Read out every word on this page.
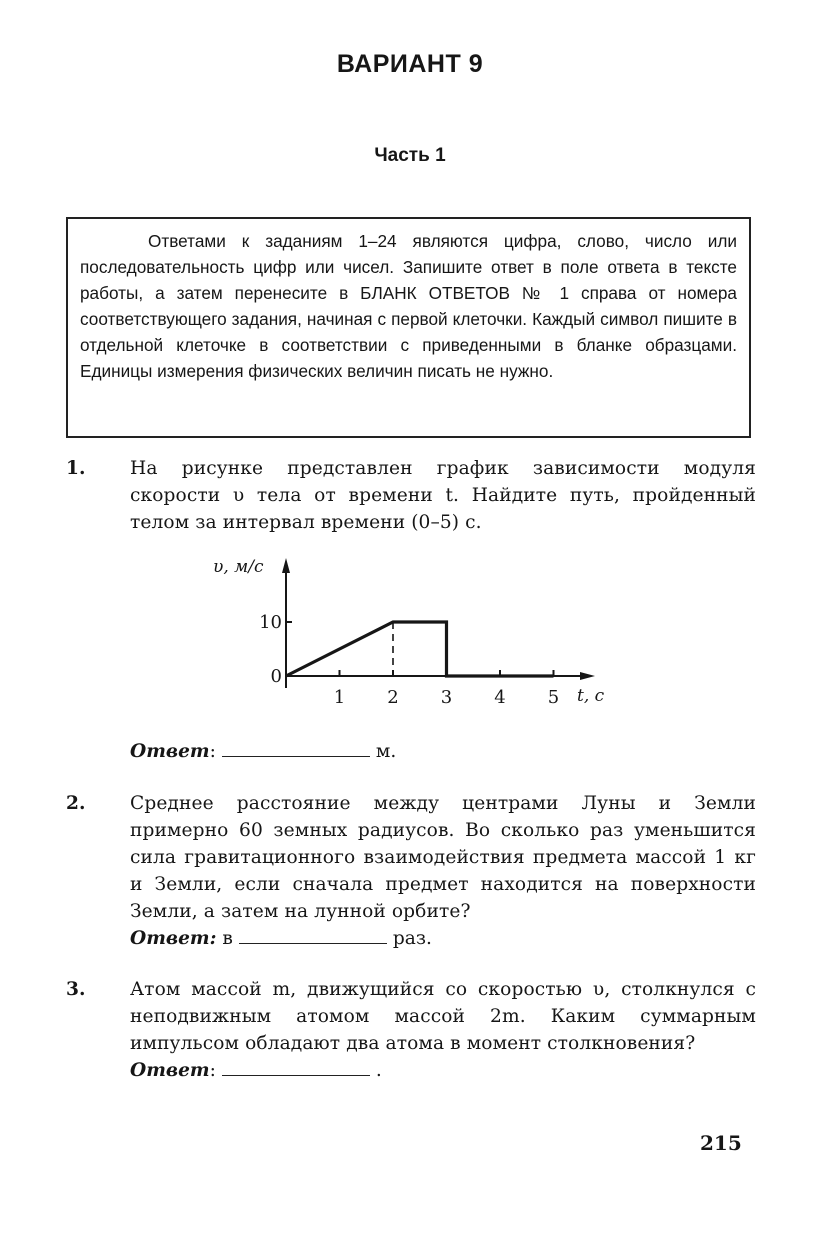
ВАРИАНТ 9
Часть 1
Ответами к заданиям 1–24 являются цифра, слово, число или последовательность цифр или чисел. Запишите ответ в поле ответа в тексте работы, а затем перенесите в БЛАНК ОТВЕТОВ № 1 справа от номера соответствующего задания, начиная с первой клеточки. Каждый символ пишите в отдельной клеточке в соответствии с приведенными в бланке образцами. Единицы измерения физических величин писать не нужно.
1. На рисунке представлен график зависимости модуля скорости υ тела от времени t. Найдите путь, пройденный телом за интервал времени (0–5) с.
υ, м/с
t, с
0
10
1 2 3 4 5
Ответ:	м.
2. Среднее расстояние между центрами Луны и Земли примерно 60 земных радиусов. Во сколько раз уменьшится сила гравитационного взаимодействия предмета массой 1 кг и Земли, если сначала предмет находится на поверхности Земли, а затем на лунной орбите?
Ответ: в	раз.
3. Атом массой m, движущийся со скоростью υ, столкнулся с неподвижным атомом массой 2m. Каким суммарным импульсом обладают два атома в момент столкновения?
Ответ:	.
215
